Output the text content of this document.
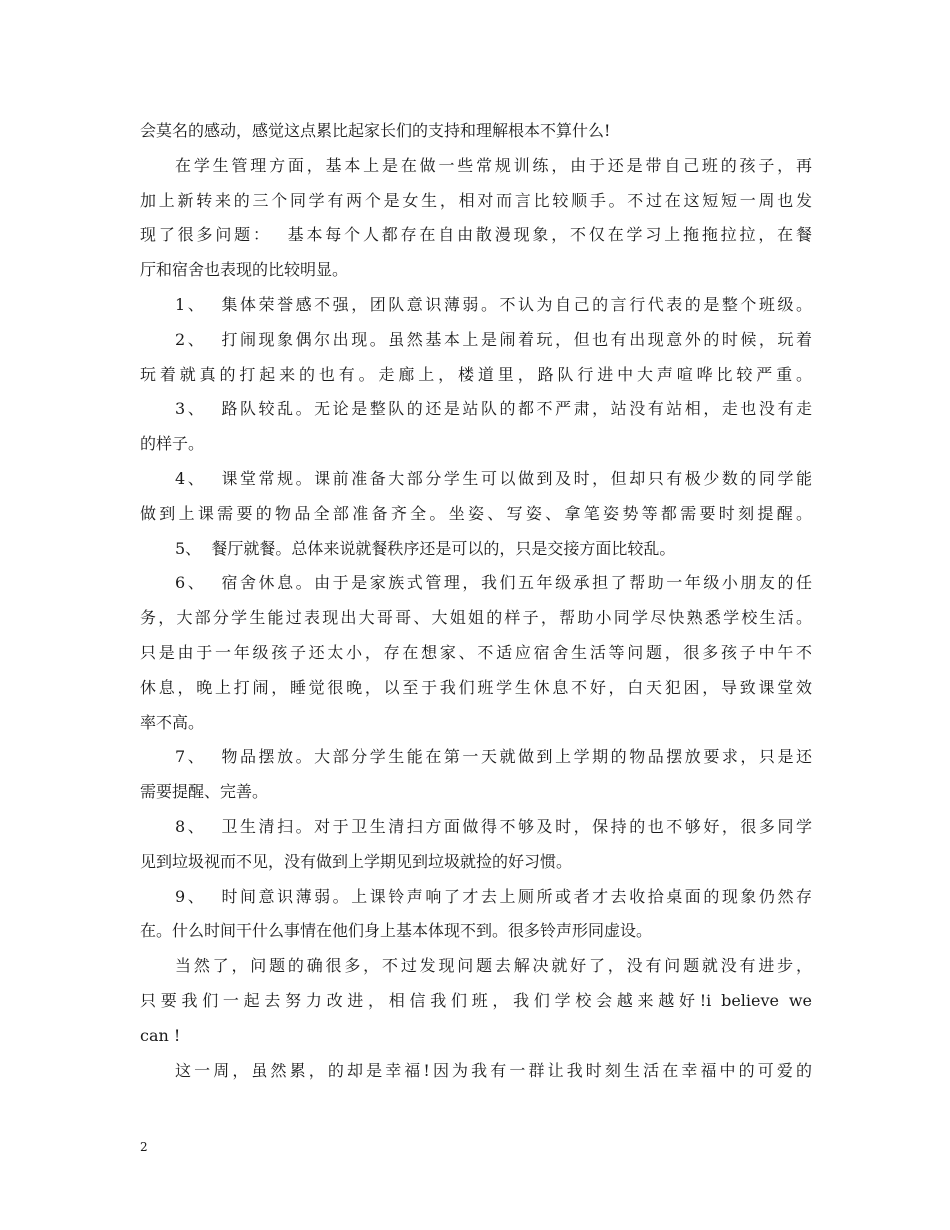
会莫名的感动，感觉这点累比起家长们的支持和理解根本不算什么!
在学生管理方面，基本上是在做一些常规训练，由于还是带自己班的孩子，再
加上新转来的三个同学有两个是女生，相对而言比较顺手。不过在这短短一周也发
现了很多问题：  基本每个人都存在自由散漫现象，不仅在学习上拖拖拉拉，在餐
厅和宿舍也表现的比较明显。
1、  集体荣誉感不强，团队意识薄弱。不认为自己的言行代表的是整个班级。
2、  打闹现象偶尔出现。虽然基本上是闹着玩，但也有出现意外的时候，玩着
玩着就真的打起来的也有。走廊上，楼道里，路队行进中大声喧哗比较严重。
3、  路队较乱。无论是整队的还是站队的都不严肃，站没有站相，走也没有走
的样子。
4、  课堂常规。课前准备大部分学生可以做到及时，但却只有极少数的同学能
做到上课需要的物品全部准备齐全。坐姿、写姿、拿笔姿势等都需要时刻提醒。
5、  餐厅就餐。总体来说就餐秩序还是可以的，只是交接方面比较乱。
6、  宿舍休息。由于是家族式管理，我们五年级承担了帮助一年级小朋友的任
务，大部分学生能过表现出大哥哥、大姐姐的样子，帮助小同学尽快熟悉学校生活。
只是由于一年级孩子还太小，存在想家、不适应宿舍生活等问题，很多孩子中午不
休息，晚上打闹，睡觉很晚，以至于我们班学生休息不好，白天犯困，导致课堂效
率不高。
7、  物品摆放。大部分学生能在第一天就做到上学期的物品摆放要求，只是还
需要提醒、完善。
8、  卫生清扫。对于卫生清扫方面做得不够及时，保持的也不够好，很多同学
见到垃圾视而不见，没有做到上学期见到垃圾就捡的好习惯。
9、  时间意识薄弱。上课铃声响了才去上厕所或者才去收拾桌面的现象仍然存
在。什么时间干什么事情在他们身上基本体现不到。很多铃声形同虚设。
当然了，问题的确很多，不过发现问题去解决就好了，没有问题就没有进步，
只要我们一起去努力改进，相信我们班，我们学校会越来越好!i believe we
can !
这一周，虽然累，的却是幸福!因为我有一群让我时刻生活在幸福中的可爱的
2
